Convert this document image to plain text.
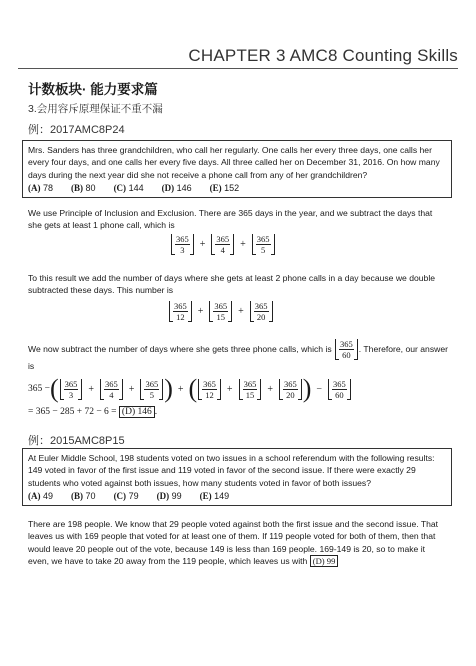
CHAPTER 3 AMC8 Counting Skills
计数板块· 能力要求篇
3.会用容斥原理保证不重不漏
例：2017AMC8P24
Mrs. Sanders has three grandchildren, who call her regularly. One calls her every three days, one calls her every four days, and one calls her every five days. All three called her on December 31, 2016. On how many days during the next year did she not receive a phone call from any of her grandchildren?
(A) 78 (B) 80 (C) 144 (D) 146 (E) 152
We use Principle of Inclusion and Exclusion. There are 365 days in the year, and we subtract the days that she gets at least 1 phone call, which is
$\frac{365}{3} + \frac{365}{4} + \frac{365}{5}$
To this result we add the number of days where she gets at least 2 phone calls in a day because we double subtracted these days. This number is
$\frac{365}{12} + \frac{365}{15} + \frac{365}{20}$
We now subtract the number of days where she gets three phone calls, which is $\frac{365}{60}$ . Therefore, our answer is
365 − ( $\frac{365}{3} + \frac{365}{4} + \frac{365}{5}$ ) + ( $\frac{365}{12} + \frac{365}{15} + \frac{365}{20}$ ) − $\frac{365}{60}$
= 365 − 285 + 72 − 6 =
(D) 146 .
例：2015AMC8P15
At Euler Middle School, 198 students voted on two issues in a school referendum with the following results: 149 voted in favor of the first issue and 119 voted in favor of the second issue. If there were exactly 29 students who voted against both issues, how many students voted in favor of both issues?
(A) 49 (B) 70 (C) 79 (D) 99 (E) 149
There are 198 people. We know that 29 people voted against both the first issue and the second issue. That leaves us with 169 people that voted for at least one of them. If 119 people voted for both of them, then that would leave 20 people out of the vote, because 149 is less than 169 people. 169-149 is 20, so to make it even, we have to take 20 away from the 119 people, which leaves us with (D) 99
